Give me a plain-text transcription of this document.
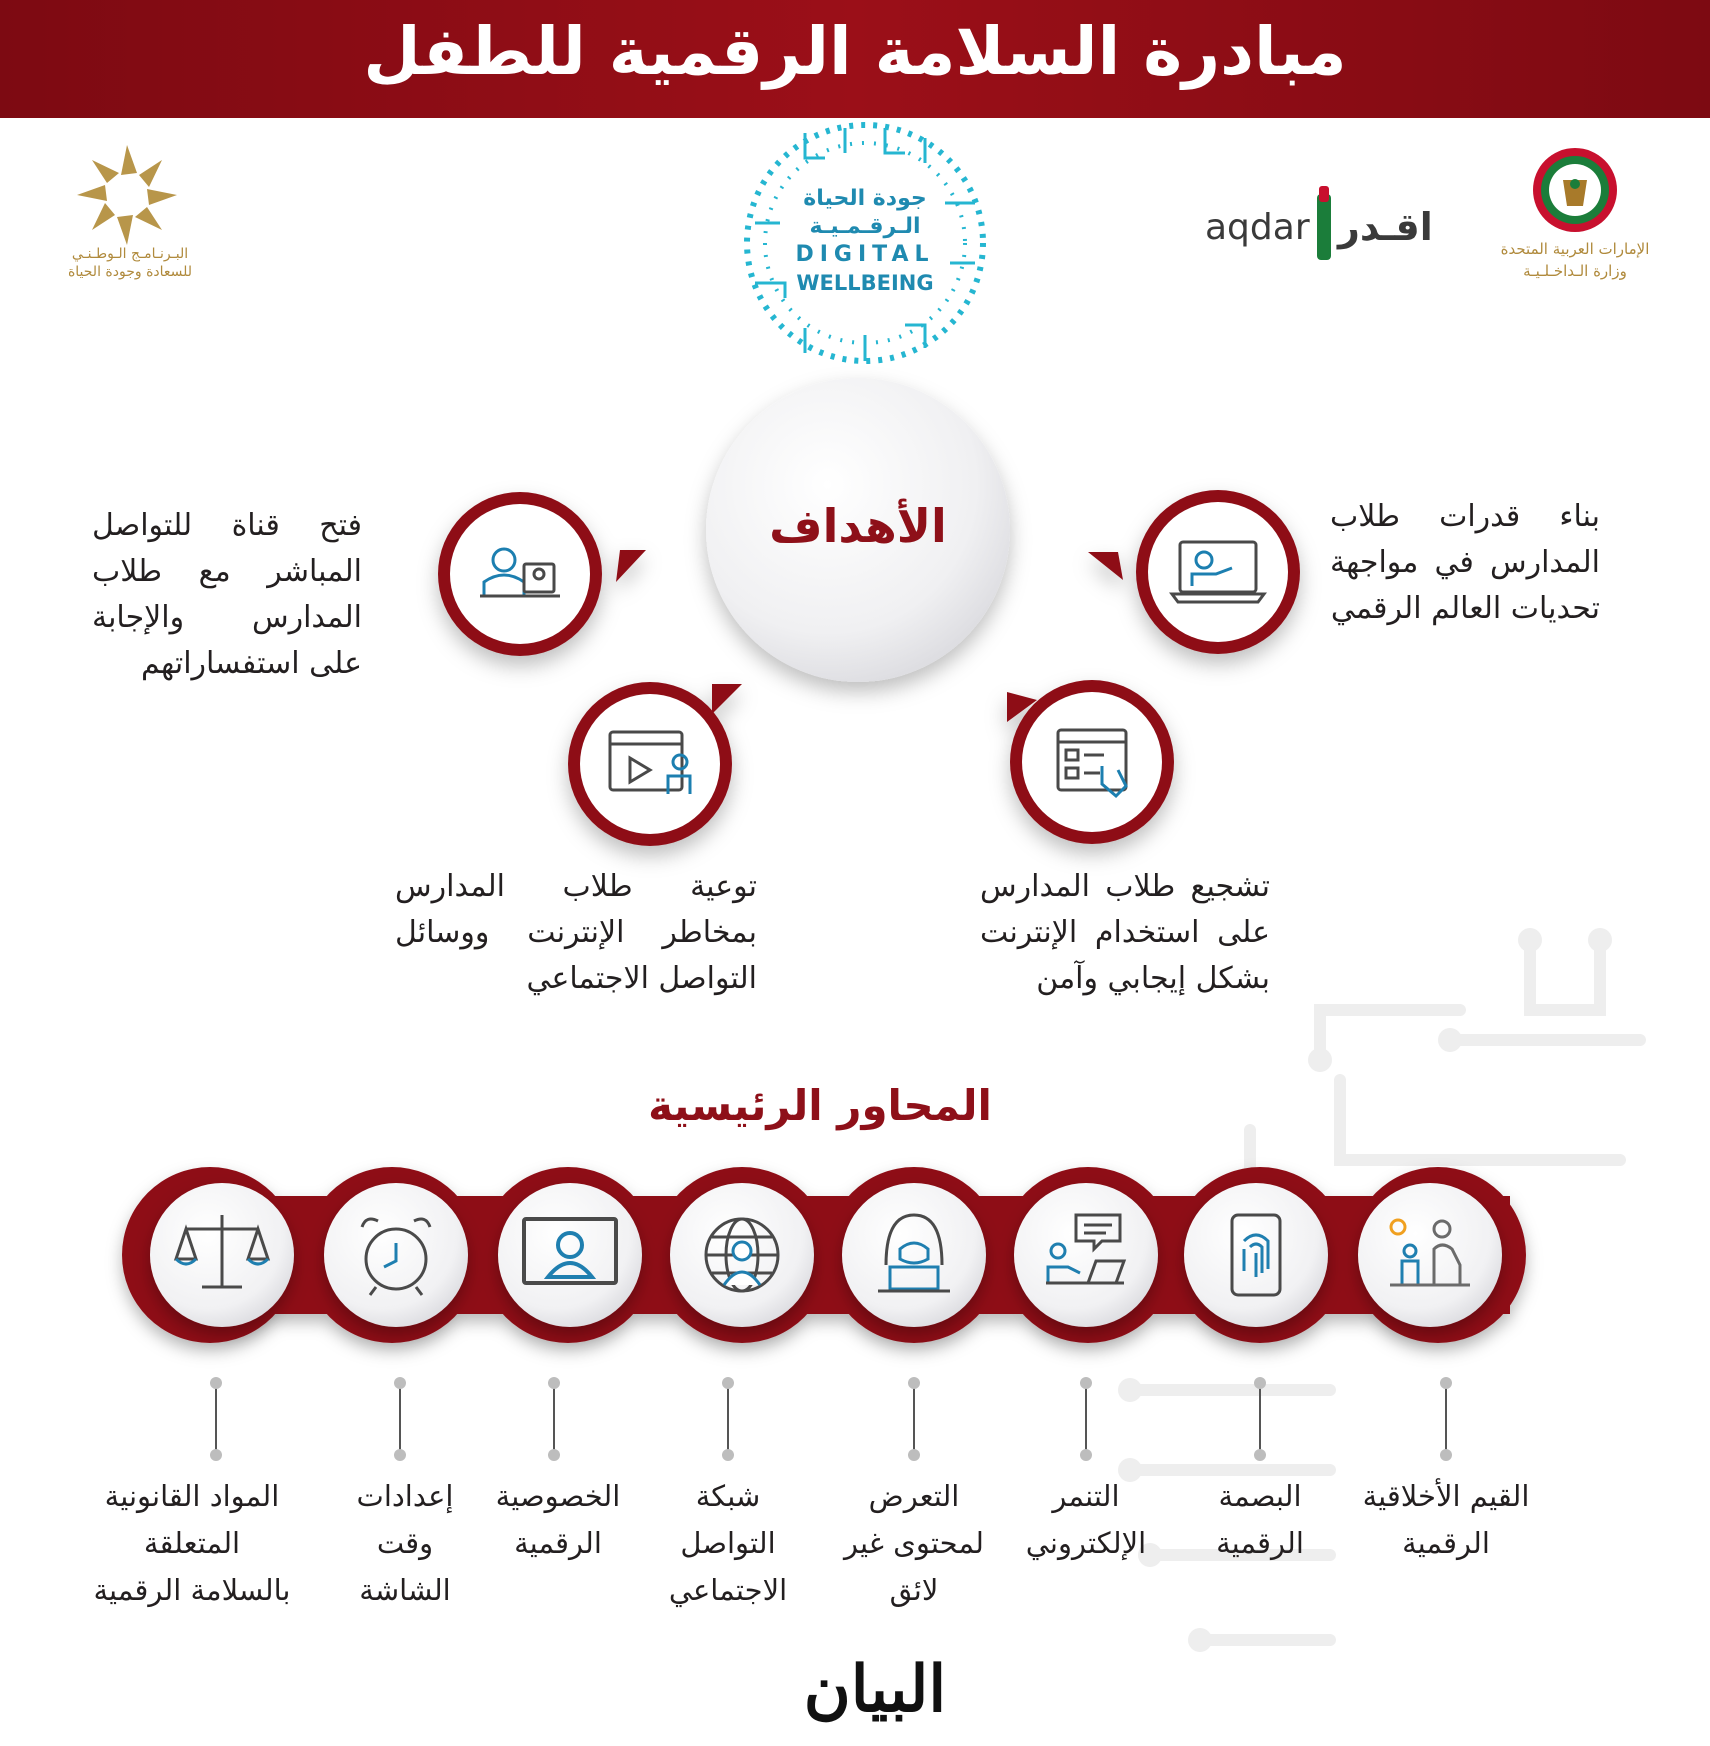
مبادرة السلامة الرقمية للطفل
الإمارات العربية المتحدة
وزارة الـداخـلـيـة
اقـدر
aqdar
جودة الحياة
الـرقـمـيـة
DIGITAL
WELLBEING
البـرنـامـج الـوطـنـي
للسعادة وجودة الحياة
الأهداف	بناء قدرات طلاب المدارس في مواجهة تحديات العالم الرقمي
تشجيع طلاب المدارس على استخدام الإنترنت بشكل إيجابي وآمن
توعية طلاب المدارس بمخاطر الإنترنت ووسائل التواصل الاجتماعي
فتح قناة للتواصل المباشر مع طلاب المدارس والإجابة على استفساراتهم
المحاور الرئيسية
القيم الأخلاقية الرقمية
البصمة الرقمية
التنمر الإلكتروني
التعرض لمحتوى غير لائق
شبكة التواصل الاجتماعي
الخصوصية الرقمية
إعدادات وقت الشاشة
المواد القانونية المتعلقة بالسلامة الرقمية
البيان
